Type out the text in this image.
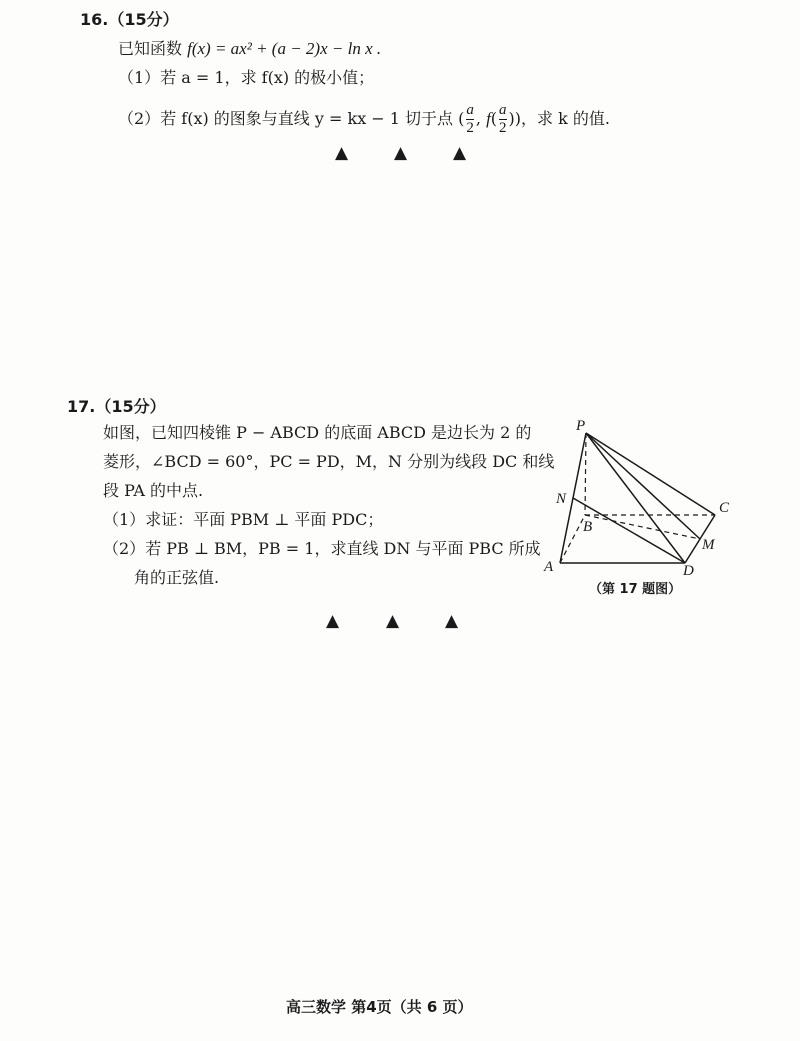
16.（15分）
已知函数 f(x) = ax² + (a − 2)x − ln x .
（1）若 a = 1，求 f(x) 的极小值；
（2）若 f(x) 的图象与直线 y = kx − 1 切于点 ( $\frac{a}{2}$ , $f( \frac{a}{2}$ ))，求 k 的值.
▲	▲	▲
17.（15分）
如图，已知四棱锥 P − ABCD 的底面 ABCD 是边长为 2 的
菱形，∠BCD = 60°，PC = PD，M，N 分别为线段 DC 和线
段 PA 的中点.
（1）求证：平面 PBM ⊥ 平面 PDC；
（2）若 PB ⊥ BM，PB = 1，求直线 DN 与平面 PBC 所成
角的正弦值.
P
N
C
B
M
A	D
（第 17 题图）
▲	▲	▲
高三数学 第4页（共 6 页）
